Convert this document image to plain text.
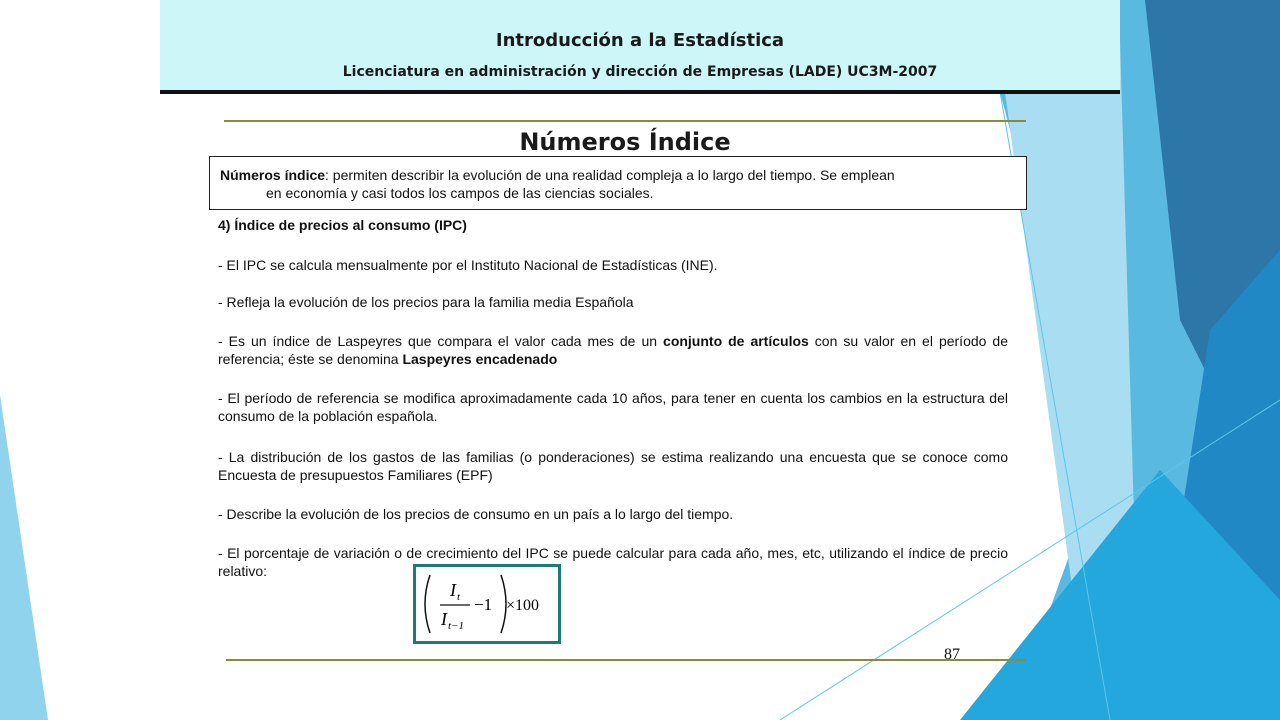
Introducción a la Estadística
Licenciatura en administración y dirección de Empresas (LADE) UC3M-2007
Números Índice
Números índice: permiten describir la evolución de una realidad compleja a lo largo del tiempo. Se emplean
en economía y casi todos los campos de las ciencias sociales.

4) Índice de precios al consumo (IPC)

- El IPC se calcula mensualmente por el Instituto Nacional de Estadísticas (INE).

- Refleja la evolución de los precios para la familia media Española

- Es un índice de Laspeyres que compara el valor cada mes de un conjunto de artículos con su valor en el período de referencia; éste se denomina Laspeyres encadenado

- El período de referencia se modifica aproximadamente cada 10 años, para tener en cuenta los cambios en la estructura del consumo de la población española.

- La distribución de los gastos de las familias (o ponderaciones) se estima realizando una encuesta que se conoce como Encuesta de presupuestos Familiares (EPF)

- Describe la evolución de los precios de consumo en un país a lo largo del tiempo.

- El porcentaje de variación o de crecimiento del IPC se puede calcular para cada año, mes, etc, utilizando el índice de precio relativo:

I t
I t−1
−1 ×100
87
